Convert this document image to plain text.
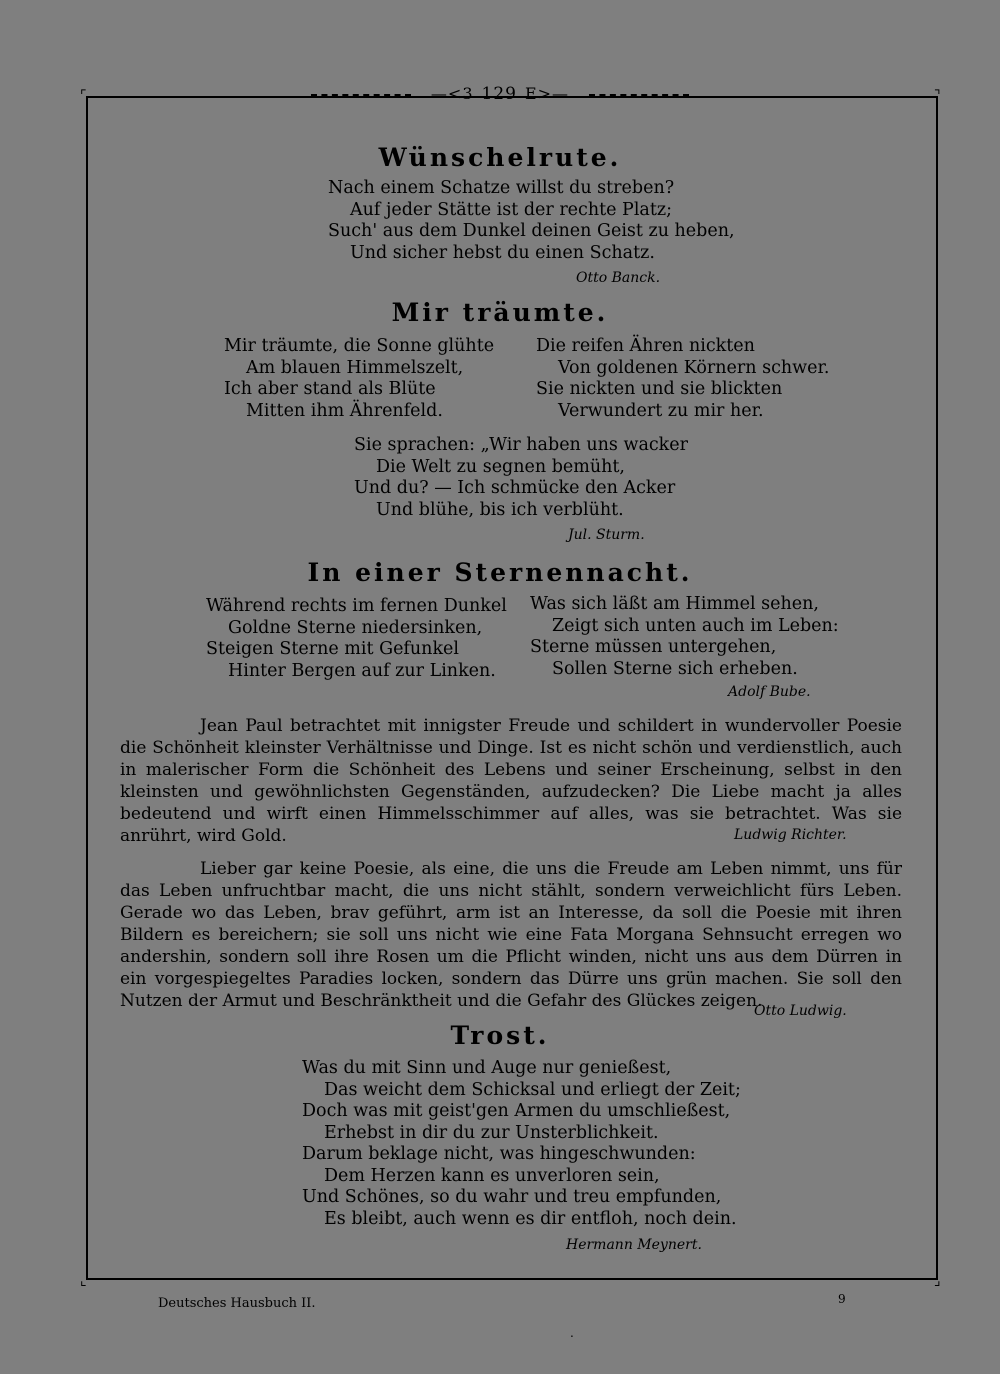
⌜	⌝
⌞	⌟
—<3 129 E>—
Wünschelrute.
Nach einem Schatze willst du streben?
Auf jeder Stätte ist der rechte Platz;
Such' aus dem Dunkel deinen Geist zu heben,
Und sicher hebst du einen Schatz.
Otto Banck.
Mir träumte.
Mir träumte, die Sonne glühte
Am blauen Himmelszelt,
Ich aber stand als Blüte
Mitten ihm Ährenfeld.
Die reifen Ähren nickten
Von goldenen Körnern schwer.
Sie nickten und sie blickten
Verwundert zu mir her.
Sie sprachen: „Wir haben uns wacker
Die Welt zu segnen bemüht,
Und du? — Ich schmücke den Acker
Und blühe, bis ich verblüht.
Jul. Sturm.
In einer Sternennacht.
Während rechts im fernen Dunkel
Goldne Sterne niedersinken,
Steigen Sterne mit Gefunkel
Hinter Bergen auf zur Linken.
Was sich läßt am Himmel sehen,
Zeigt sich unten auch im Leben:
Sterne müssen untergehen,
Sollen Sterne sich erheben.
Adolf Bube.
Jean Paul betrachtet mit innigster Freude und schildert in wundervoller Poesie die Schönheit kleinster Verhältnisse und Dinge. Ist es nicht schön und verdienstlich, auch in malerischer Form die Schönheit des Lebens und seiner Erscheinung, selbst in den kleinsten und gewöhnlichsten Gegenständen, aufzudecken? Die Liebe macht ja alles bedeutend und wirft einen Himmelsschimmer auf alles, was sie betrachtet. Was sie anrührt, wird Gold.	Ludwig Richter.
Lieber gar keine Poesie, als eine, die uns die Freude am Leben nimmt, uns für das Leben unfruchtbar macht, die uns nicht stählt, sondern verweichlicht fürs Leben. Gerade wo das Leben, brav geführt, arm ist an Interesse, da soll die Poesie mit ihren Bildern es bereichern; sie soll uns nicht wie eine Fata Morgana Sehnsucht erregen wo andershin, sondern soll ihre Rosen um die Pflicht winden, nicht uns aus dem Dürren in ein vorgespiegeltes Paradies locken, sondern das Dürre uns grün machen. Sie soll den Nutzen der Armut und Beschränktheit und die Gefahr des Glückes zeigen.
Otto Ludwig.
Trost.
Was du mit Sinn und Auge nur genießest,
Das weicht dem Schicksal und erliegt der Zeit;
Doch was mit geist'gen Armen du umschließest,
Erhebst in dir du zur Unsterblichkeit.
Darum beklage nicht, was hingeschwunden:
Dem Herzen kann es unverloren sein,
Und Schönes, so du wahr und treu empfunden,
Es bleibt, auch wenn es dir entfloh, noch dein.
Hermann Meynert.
Deutsches Hausbuch II.	9
.
